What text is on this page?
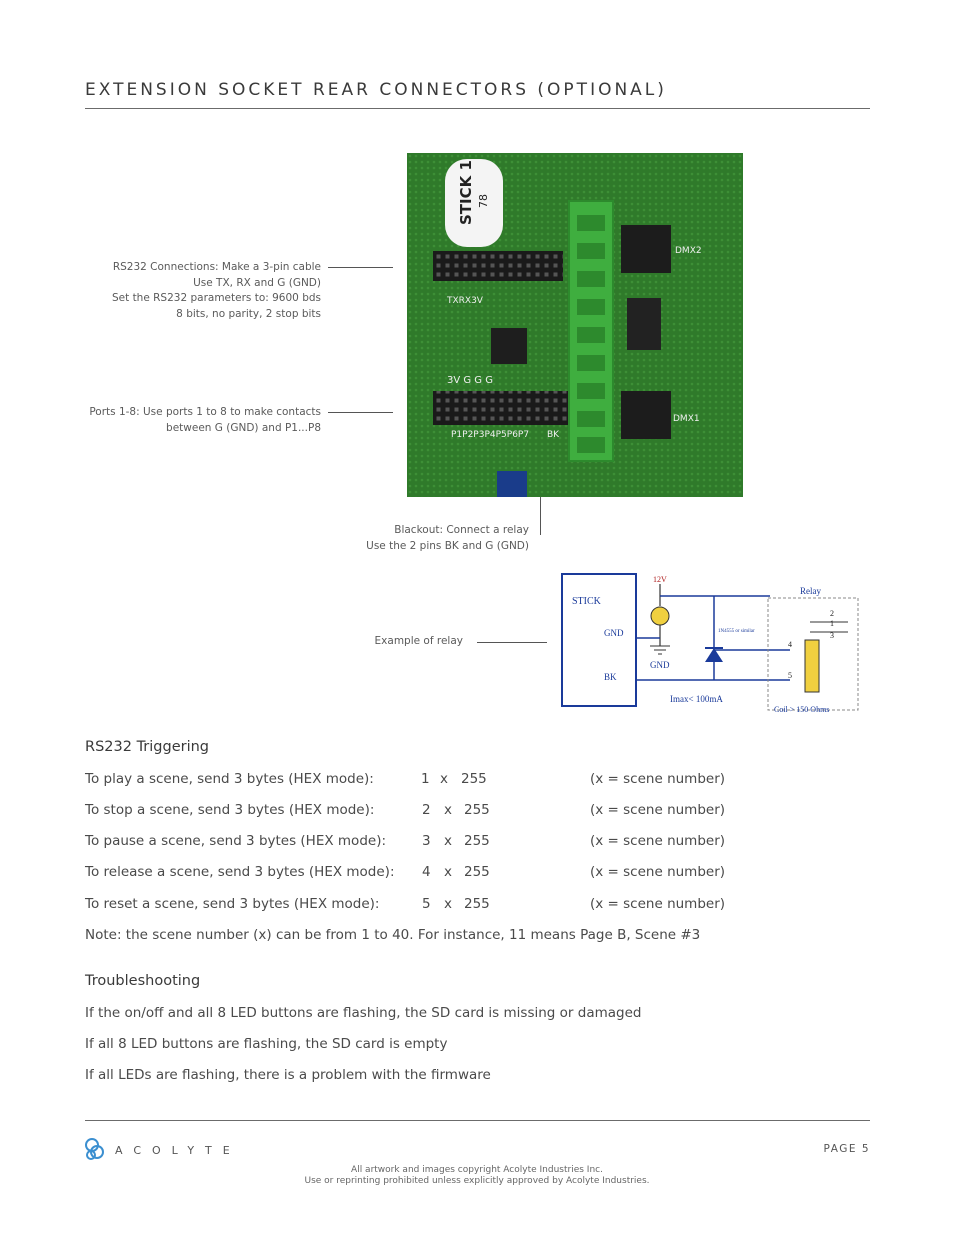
EXTENSION SOCKET REAR CONNECTORS (OPTIONAL)
RS232 Connections: Make a 3-pin cable
Use TX, RX and G (GND)
Set the RS232 parameters to: 9600 bds
8 bits, no parity, 2 stop bits
Ports 1-8: Use ports 1 to 8 to make contacts
between G (GND) and P1...P8
Blackout: Connect a relay
Use the 2 pins BK and G (GND)
Example of relay
STICK 1 78
TXRX3V
3V G G G
P1P2P3P4P5P6P7 BK
DMX2
DMX1
STICK
GND
BK
12V
GND
1N4555 or similar
Imax< 100mA
Relay
2
1
3
4
5
Coil > 150 Ohms
RS232 Triggering
To play a scene, send 3 bytes (HEX mode):	1 x 255	(x = scene number)
To stop a scene, send 3 bytes (HEX mode):	2 x 255	(x = scene number)
To pause a scene, send 3 bytes (HEX mode):	3 x 255	(x = scene number)
To release a scene, send 3 bytes (HEX mode): 4 x 255	(x = scene number)
To reset a scene, send 3 bytes (HEX mode):	5 x 255	(x = scene number)
Note: the scene number (x) can be from 1 to 40. For instance, 11 means Page B, Scene #3
Troubleshooting
If the on/off and all 8 LED buttons are flashing, the SD card is missing or damaged
If all 8 LED buttons are flashing, the SD card is empty
If all LEDs are flashing, there is a problem with the firmware
ACOLYTE	PAGE 5
All artwork and images copyright Acolyte Industries Inc.
Use or reprinting prohibited unless explicitly approved by Acolyte Industries.
